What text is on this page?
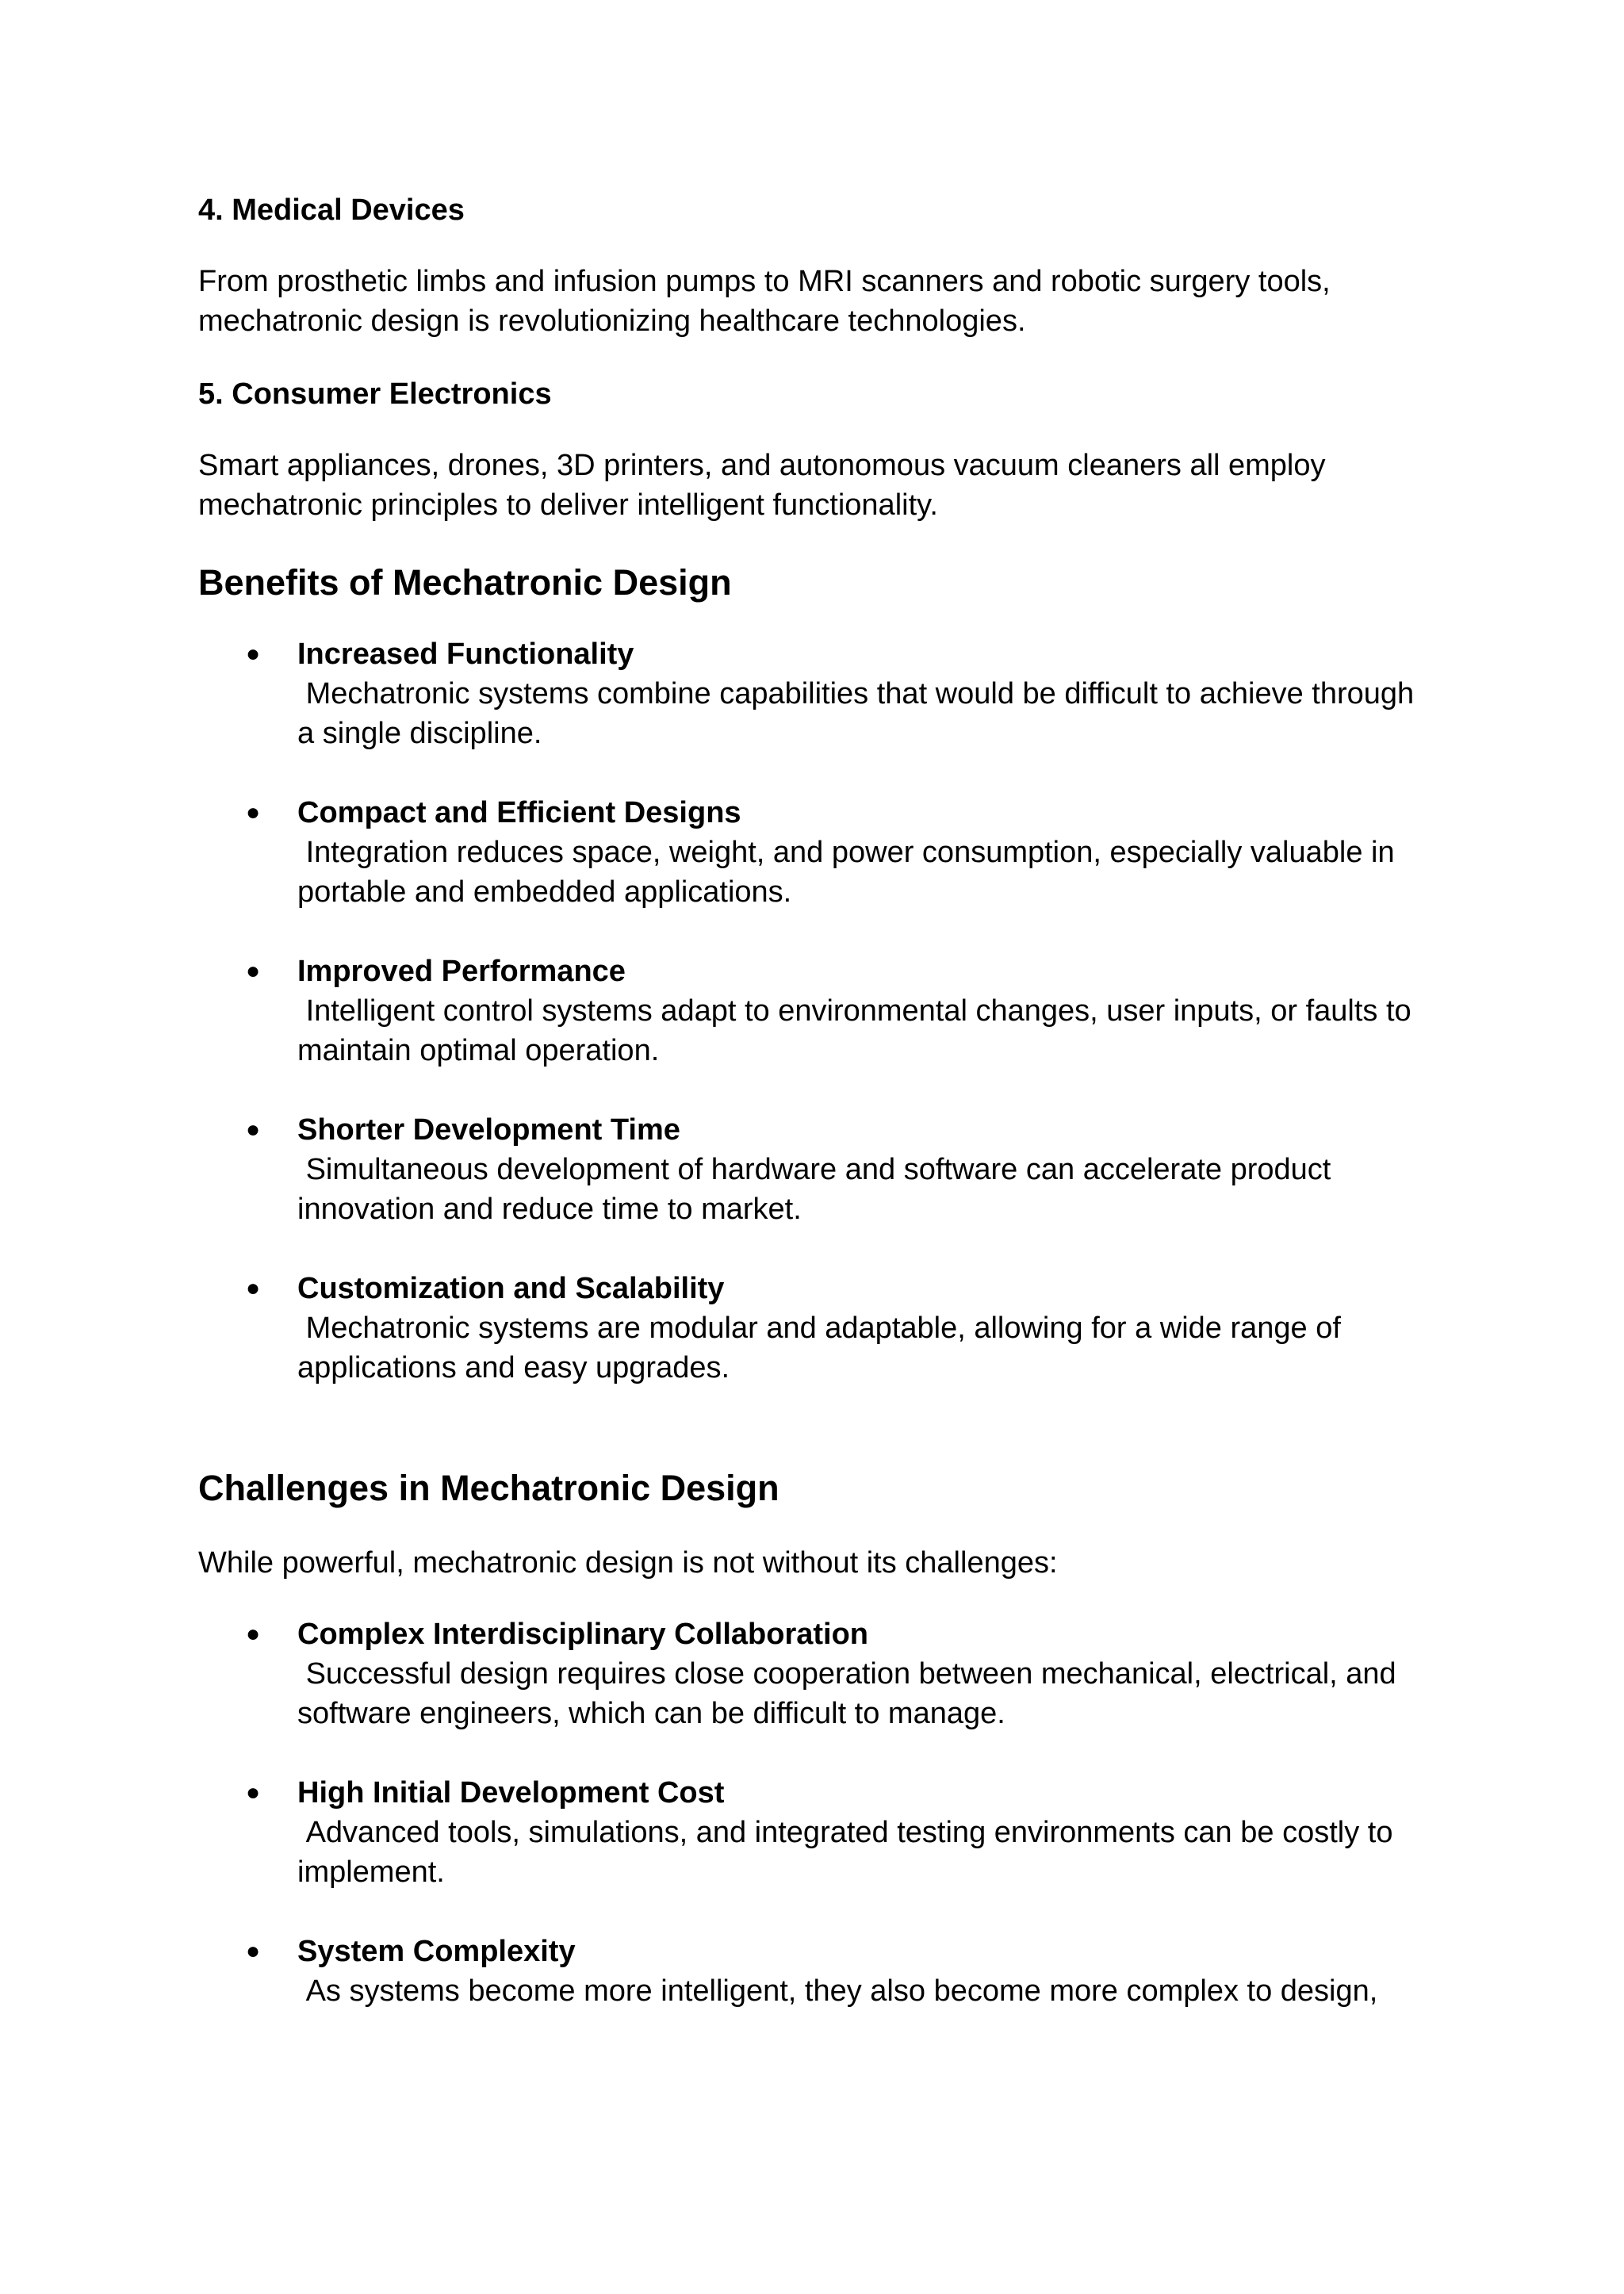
4. Medical Devices

From prosthetic limbs and infusion pumps to MRI scanners and robotic surgery tools, mechatronic design is revolutionizing healthcare technologies.

5. Consumer Electronics

Smart appliances, drones, 3D printers, and autonomous vacuum cleaners all employ mechatronic principles to deliver intelligent functionality.

Benefits of Mechatronic Design
● Increased Functionality
Mechatronic systems combine capabilities that would be difficult to achieve through a single discipline.
● Compact and Efficient Designs
Integration reduces space, weight, and power consumption, especially valuable in portable and embedded applications.
● Improved Performance
Intelligent control systems adapt to environmental changes, user inputs, or faults to maintain optimal operation.
● Shorter Development Time
Simultaneous development of hardware and software can accelerate product innovation and reduce time to market.
● Customization and Scalability
Mechatronic systems are modular and adaptable, allowing for a wide range of applications and easy upgrades.
Challenges in Mechatronic Design

While powerful, mechatronic design is not without its challenges:

● Complex Interdisciplinary Collaboration
Successful design requires close cooperation between mechanical, electrical, and software engineers, which can be difficult to manage.
● High Initial Development Cost
Advanced tools, simulations, and integrated testing environments can be costly to implement.
● System Complexity
As systems become more intelligent, they also become more complex to design,
